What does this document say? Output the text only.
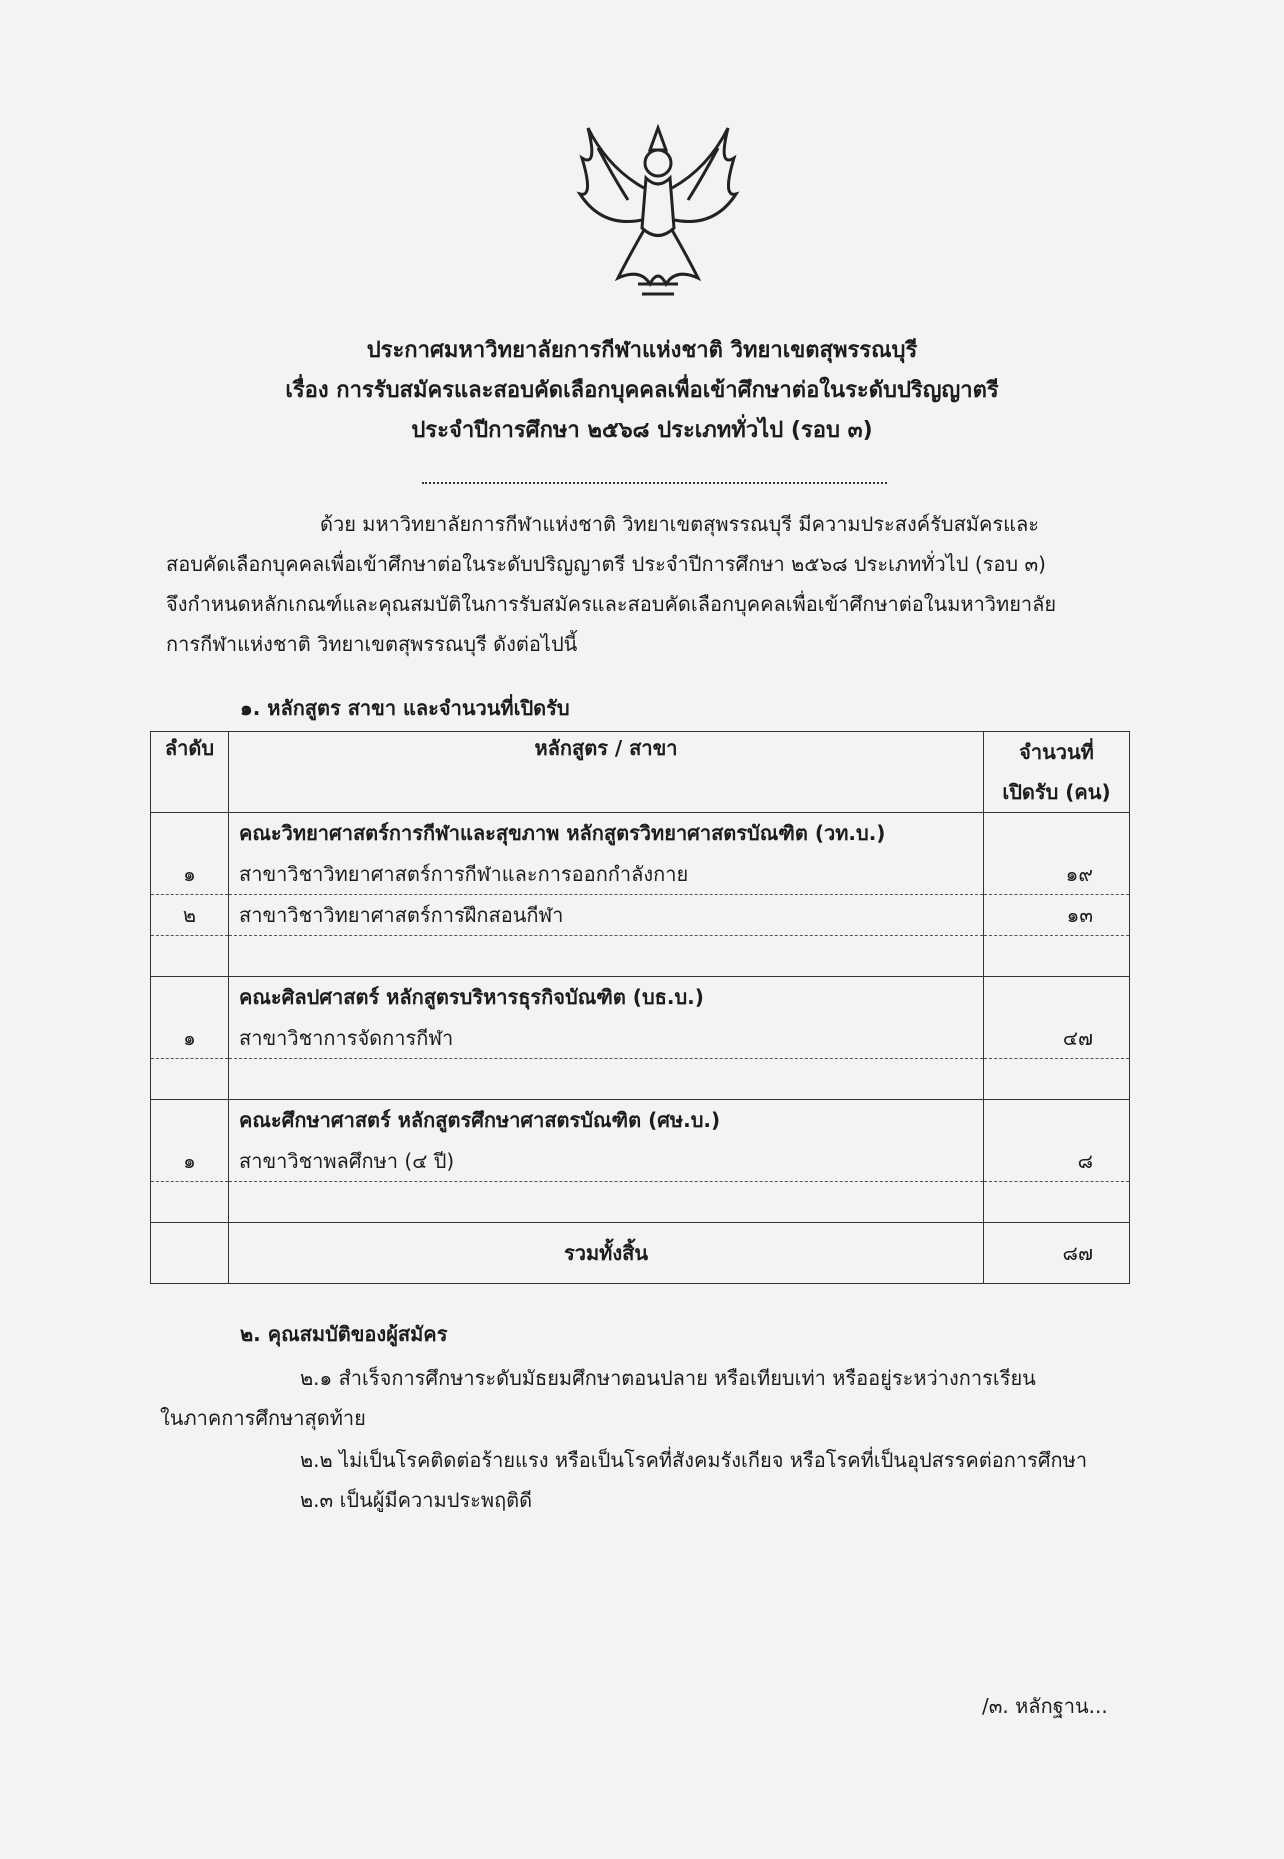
ประกาศมหาวิทยาลัยการกีฬาแห่งชาติ วิทยาเขตสุพรรณบุรี
เรื่อง การรับสมัครและสอบคัดเลือกบุคคลเพื่อเข้าศึกษาต่อในระดับปริญญาตรี
ประจำปีการศึกษา ๒๕๖๘ ประเภททั่วไป (รอบ ๓)
ด้วย มหาวิทยาลัยการกีฬาแห่งชาติ วิทยาเขตสุพรรณบุรี มีความประสงค์รับสมัครและ
สอบคัดเลือกบุคคลเพื่อเข้าศึกษาต่อในระดับปริญญาตรี ประจำปีการศึกษา ๒๕๖๘ ประเภททั่วไป (รอบ ๓)
จึงกำหนดหลักเกณฑ์และคุณสมบัติในการรับสมัครและสอบคัดเลือกบุคคลเพื่อเข้าศึกษาต่อในมหาวิทยาลัย
การกีฬาแห่งชาติ วิทยาเขตสุพรรณบุรี ดังต่อไปนี้
๑. หลักสูตร สาขา และจำนวนที่เปิดรับ
ลำดับ	หลักสูตร / สาขา	จำนวนที่
เปิดรับ (คน)

	คณะวิทยาศาสตร์การกีฬาและสุขภาพ หลักสูตรวิทยาศาสตรบัณฑิต (วท.บ.)	
๑	สาขาวิชาวิทยาศาสตร์การกีฬาและการออกกำลังกาย	๑๙
๒	สาขาวิชาวิทยาศาสตร์การฝึกสอนกีฬา	๑๓

	คณะศิลปศาสตร์ หลักสูตรบริหารธุรกิจบัณฑิต (บธ.บ.)	
๑	สาขาวิชาการจัดการกีฬา	๔๗

	คณะศึกษาศาสตร์ หลักสูตรศึกษาศาสตรบัณฑิต (ศษ.บ.)	
๑	สาขาวิชาพลศึกษา (๔ ปี)	๘

	รวมทั้งสิ้น	๘๗
๒. คุณสมบัติของผู้สมัคร
๒.๑ สำเร็จการศึกษาระดับมัธยมศึกษาตอนปลาย หรือเทียบเท่า หรืออยู่ระหว่างการเรียน
ในภาคการศึกษาสุดท้าย
๒.๒ ไม่เป็นโรคติดต่อร้ายแรง หรือเป็นโรคที่สังคมรังเกียจ หรือโรคที่เป็นอุปสรรคต่อการศึกษา
๒.๓ เป็นผู้มีความประพฤติดี
/๓. หลักฐาน...
